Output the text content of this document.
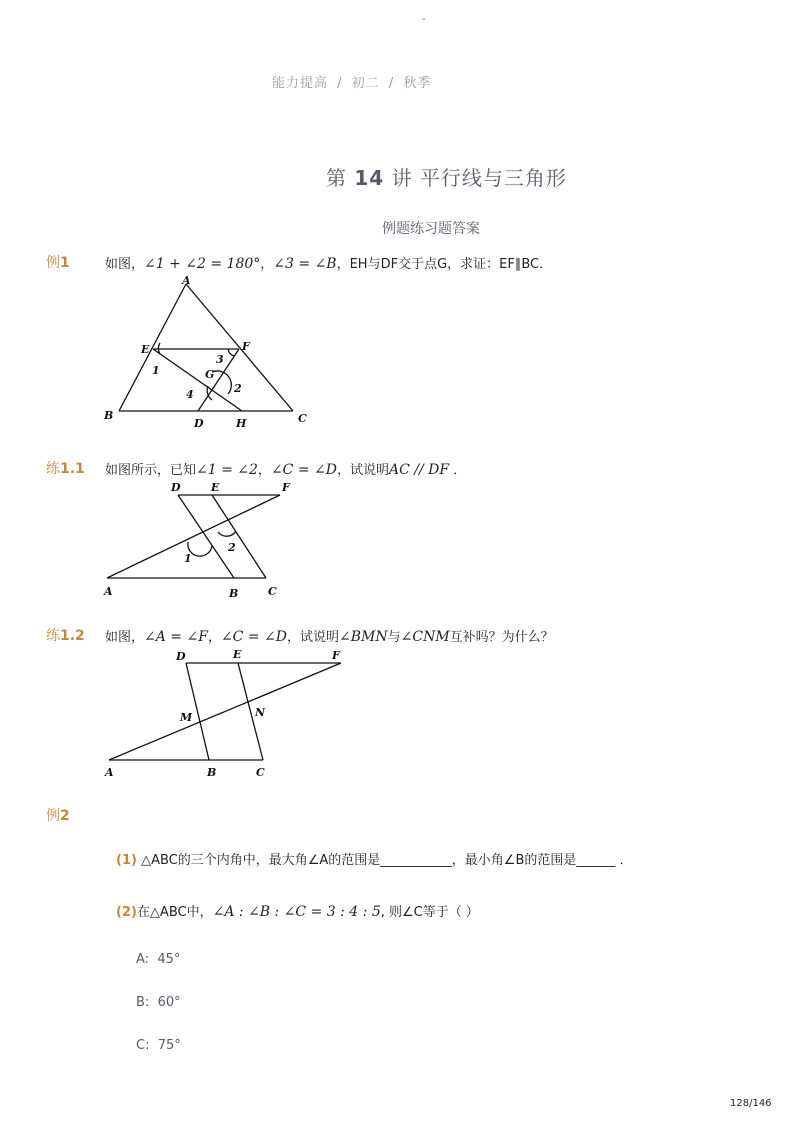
-
能力提高 / 初二 / 秋季
第 14 讲 平行线与三角形
例题练习题答案
例1	如图，∠1 + ∠2 = 180°，∠3 = ∠B，EH与DF交于点G，求证：EF∥BC．
A
E	F
1
3
G
2
4
B	C
D	H
练1.1 如图所示，已知∠1 = ∠2，∠C = ∠D，试说明AC // DF ．
D	E	F
1
2
A	B	C
练1.2 如图，∠A = ∠F，∠C = ∠D，试说明∠BMN与∠CNM互补吗？为什么？
D	E	F
M	N
A	B	C
例2
(1) △ABC的三个内角中，最大角∠A的范围是___________，最小角∠B的范围是______ ．
(2)在△ABC中，∠A : ∠B : ∠C = 3 : 4 : 5, 则∠C等于（ ）
A: 45°
B: 60°
C: 75°
128/146
